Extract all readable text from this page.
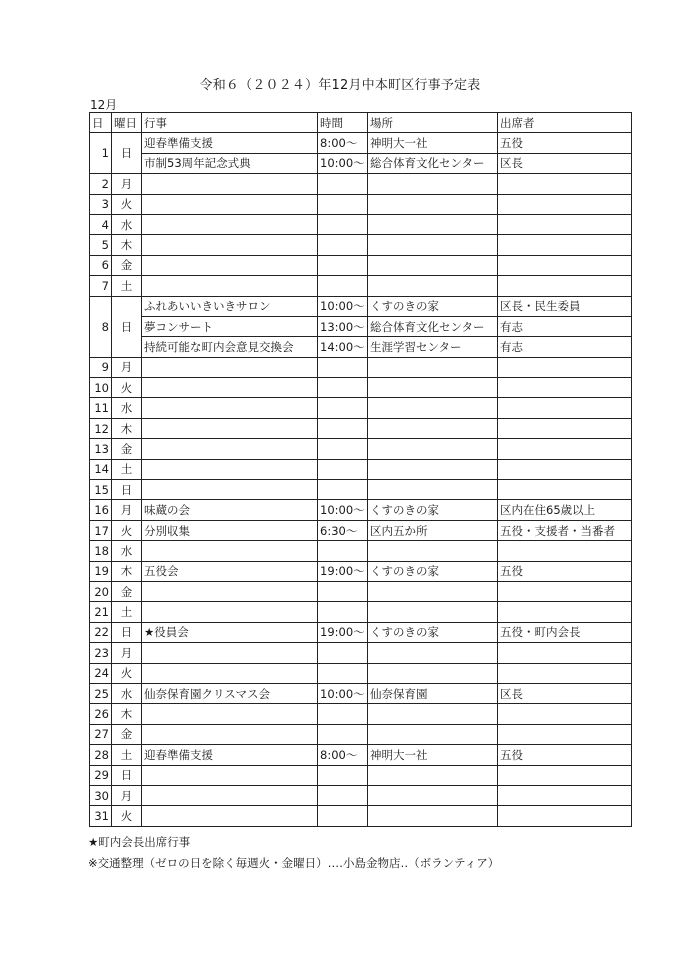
令和６（２０２４）年12月中本町区行事予定表
12月
日	曜日	行事	時間	場所	出席者
1	日	迎春準備支援	8:00～	神明大一社	五役
		市制53周年記念式典	10:00～	総合体育文化センター	区長
2	月				
3	火				
4	水				
5	木				
6	金				
7	土				
8	日	ふれあいいきいきサロン	10:00～	くすのきの家	区長・民生委員
		夢コンサート	13:00～	総合体育文化センター	有志
		持続可能な町内会意見交換会	14:00～	生涯学習センター	有志
9	月				
10	火				
11	水				
12	木				
13	金				
14	土				
15	日				
16	月	味蔵の会	10:00～	くすのきの家	区内在住65歳以上
17	火	分別収集	6:30～	区内五か所	五役・支援者・当番者
18	水				
19	木	五役会	19:00～	くすのきの家	五役
20	金				
21	土				
22	日	★役員会	19:00～	くすのきの家	五役・町内会長
23	月				
24	火				
25	水	仙奈保育園クリスマス会	10:00～	仙奈保育園	区長
26	木				
27	金				
28	土	迎春準備支援	8:00～	神明大一社	五役
29	日				
30	月				
31	火				
★町内会長出席行事
※交通整理（ゼロの日を除く毎週火・金曜日）‥‥小島金物店‥（ボランティア）
